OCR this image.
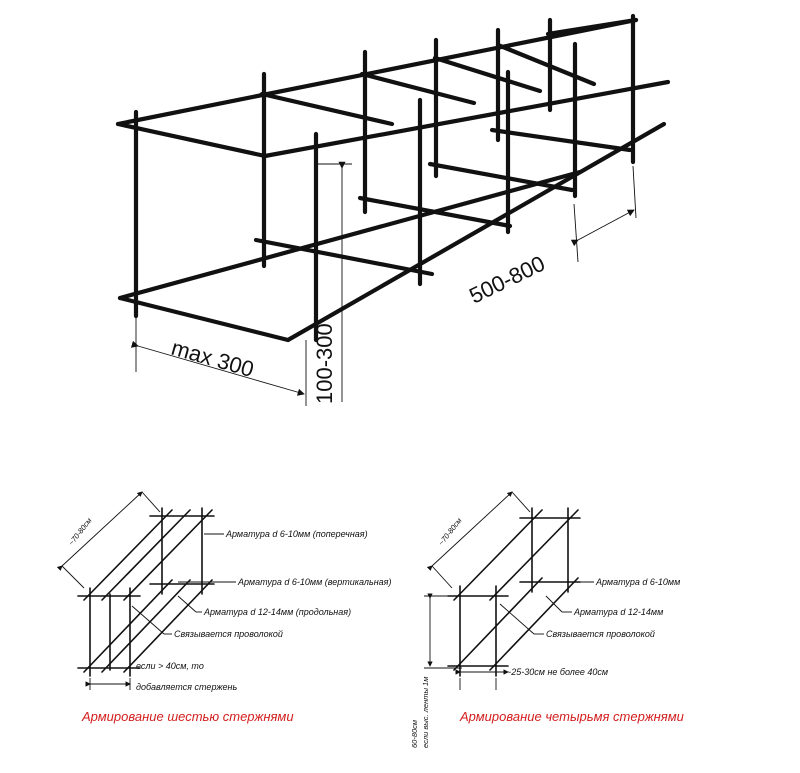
max 300	100-300
500-800
~70-80см	Арматура d 6-10мм (поперечная)
Арматура d 6-10мм (вертикальная)
Арматура d 12-14мм (продольная)
Связывается проволокой
если > 40см, то
добавляется стержень
Армирование шестью стержнями
~70-80см
Арматура d 6-10мм
Арматура d 12-14мм
Связывается проволокой
~25-30см не более 40см
60-80см если выс. ленты 1м Армирование четырьмя стержнями
